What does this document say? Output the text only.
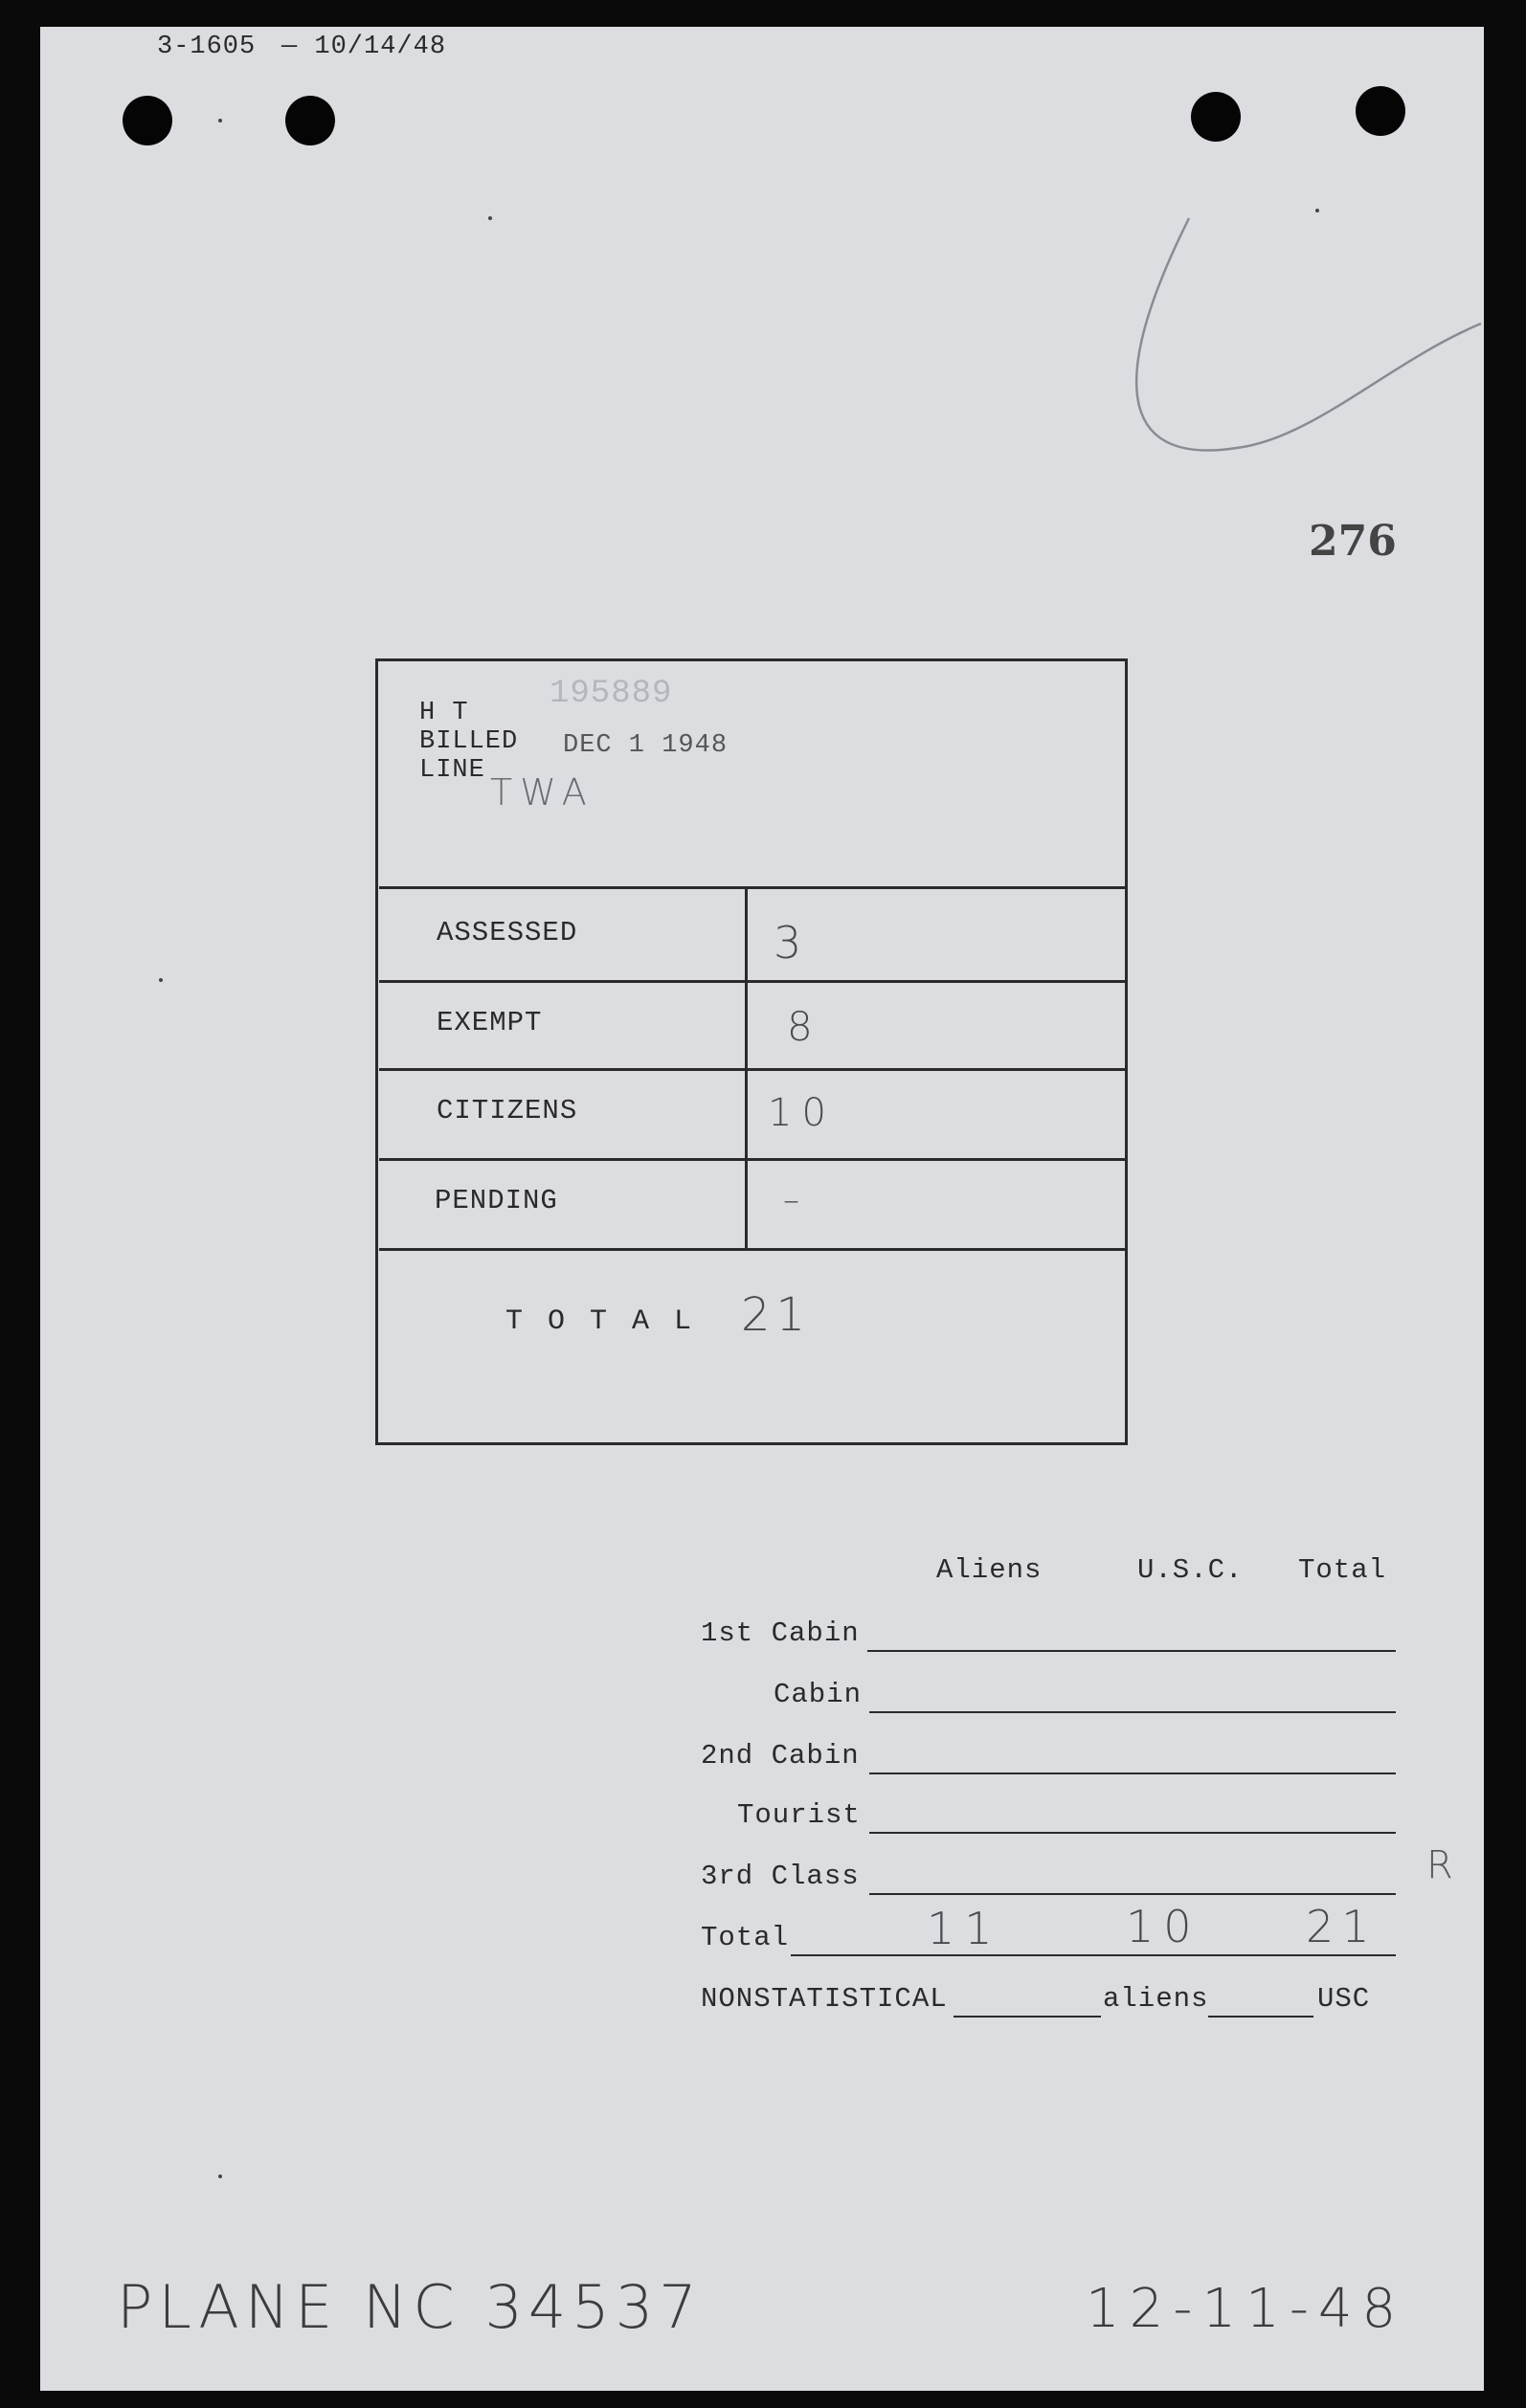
3-1605 — 10/14/48
276
H T
BILLED
LINE
195889
DEC 1 1948
TWA
ASSESSED	3
EXEMPT	8
CITIZENS	10
PENDING	–
T O T A L 21
Aliens	U.S.C. Total
1st Cabin
Cabin
2nd Cabin
Tourist
3rd Class	R
Total	11	10 21
NONSTATISTICAL	aliens	USC
PLANE NC 34537	12-11-48
